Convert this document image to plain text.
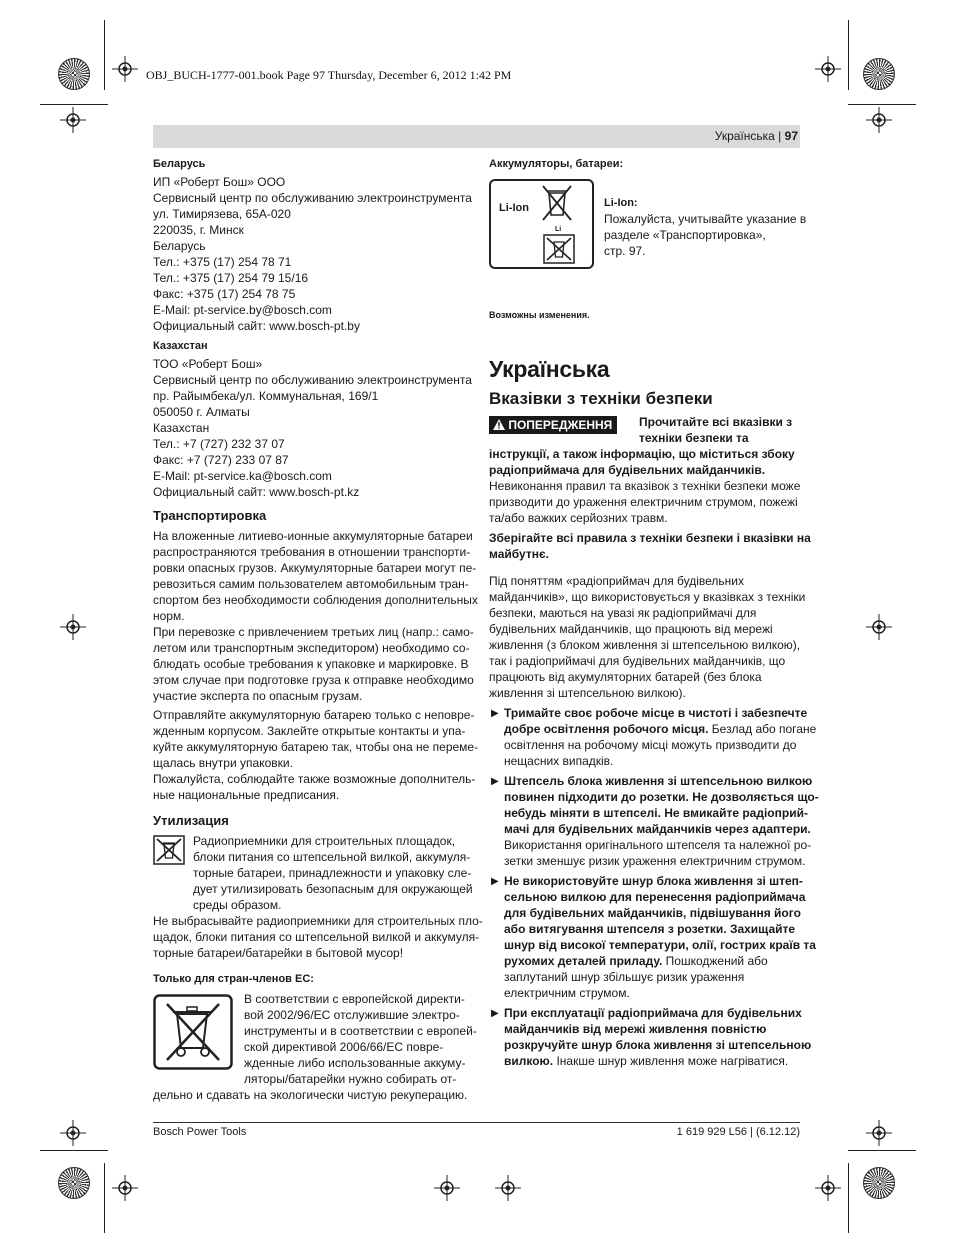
OBJ_BUCH-1777-001.book Page 97 Thursday, December 6, 2012 1:42 PM
Українська | 97
Беларусь
ИП «Роберт Бош» ООО
Сервисный центр по обслуживанию электроинструмента
ул. Тимирязева, 65А-020
220035, г. Минск
Беларусь
Тел.: +375 (17) 254 78 71
Тел.: +375 (17) 254 79 15/16
Факс: +375 (17) 254 78 75
E-Mail: pt-service.by@bosch.com
Официальный сайт: www.bosch-pt.by
Казахстан
ТОО «Роберт Бош»
Сервисный центр по обслуживанию электроинструмента
пр. Райымбека/ул. Коммунальная, 169/1
050050 г. Алматы
Казахстан
Тел.: +7 (727) 232 37 07
Факс: +7 (727) 233 07 87
E-Mail: pt-service.ka@bosch.com
Официальный сайт: www.bosch-pt.kz
Транспортировка
На вложенные литиево-ионные аккумуляторные батареи
распространяются требования в отношении транспорти-
ровки опасных грузов. Аккумуляторные батареи могут пе-
ревозиться самим пользователем автомобильным тран-
спортом без необходимости соблюдения дополнительных
норм.
При перевозке с привлечением третьих лиц (напр.: само-
летом или транспортным экспедитором) необходимо со-
блюдать особые требования к упаковке и маркировке. В
этом случае при подготовке груза к отправке необходимо
участие эксперта по опасным грузам.
Отправляйте аккумуляторную батарею только с неповре-
жденным корпусом. Заклейте открытые контакты и упа-
куйте аккумуляторную батарею так, чтобы она не переме-
щалась внутри упаковки.
Пожалуйста, соблюдайте также возможные дополнитель-
ные национальные предписания.
Утилизация
Радиоприемники для строительных площадок,
блоки питания со штепсельной вилкой, аккумуля-
торные батареи, принадлежности и упаковку сле-
дует утилизировать безопасным для окружающей
среды образом.
Не выбрасывайте радиоприемники для строительных пло-
щадок, блоки питания со штепсельной вилкой и аккумуля-
торные батареи/батарейки в бытовой мусор!
Только для стран-членов ЕС:
В соответствии с европейской директи-
вой 2002/96/ЕС отслужившие электро-
инструменты и в соответствии с европей-
ской директивой 2006/66/ЕС повре-
жденные либо использованные аккуму-
ляторы/батарейки нужно собирать от-
дельно и сдавать на экологически чистую рекуперацию.
Аккумуляторы, батареи:
Li-Ion
Li
Li-Ion:
Пожалуйста, учитывайте указание в
разделе «Транспортировка»,
стр. 97.
Возможны изменения.
Українська
Вказівки з техніки безпеки
ПОПЕРЕДЖЕННЯ	Прочитайте всі вказівки з
техніки безпеки та
інструкції, а також інформацію, що міститься збоку
радіоприймача для будівельних майданчиків.
Невиконання правил та вказівок з техніки безпеки може
призводити до ураження електричним струмом, пожежі
та/або важких серйозних травм.
Зберігайте всі правила з техніки безпеки і вказівки на
майбутнє.
Під поняттям «радіоприймач для будівельних
майданчиків», що використовується у вказівках з техніки
безпеки, маються на увазі як радіоприймачі для
будівельних майданчиків, що працюють від мережі
живлення (з блоком живлення зі штепсельною вилкою),
так і радіоприймачі для будівельних майданчиків, що
працюють від акумуляторних батарей (без блока
живлення зі штепсельною вилкою).
▶ Тримайте своє робоче місце в чистоті і забезпечте
добре освітлення робочого місця. Безлад або погане
освітлення на робочому місці можуть призводити до
нещасних випадків.
▶ Штепсель блока живлення зі штепсельною вилкою
повинен підходити до розетки. Не дозволяється що-
небудь міняти в штепселі. Не вмикайте радіоприй-
мачі для будівельних майданчиків через адаптери.
Використання оригінального штепселя та належної ро-
зетки зменшує ризик ураження електричним струмом.
▶ Не використовуйте шнур блока живлення зі штеп-
сельною вилкою для перенесення радіоприймача
для будівельних майданчиків, підвішування його
або витягування штепселя з розетки. Захищайте
шнур від високої температури, олії, гострих країв та
рухомих деталей приладу. Пошкоджений або
заплутаний шнур збільшує ризик ураження
електричним струмом.
▶ При експлуатації радіоприймача для будівельних
майданчиків від мережі живлення повністю
розкручуйте шнур блока живлення зі штепсельною
вилкою. Інакше шнур живлення може нагріватися.
Bosch Power Tools	1 619 929 L56 | (6.12.12)
